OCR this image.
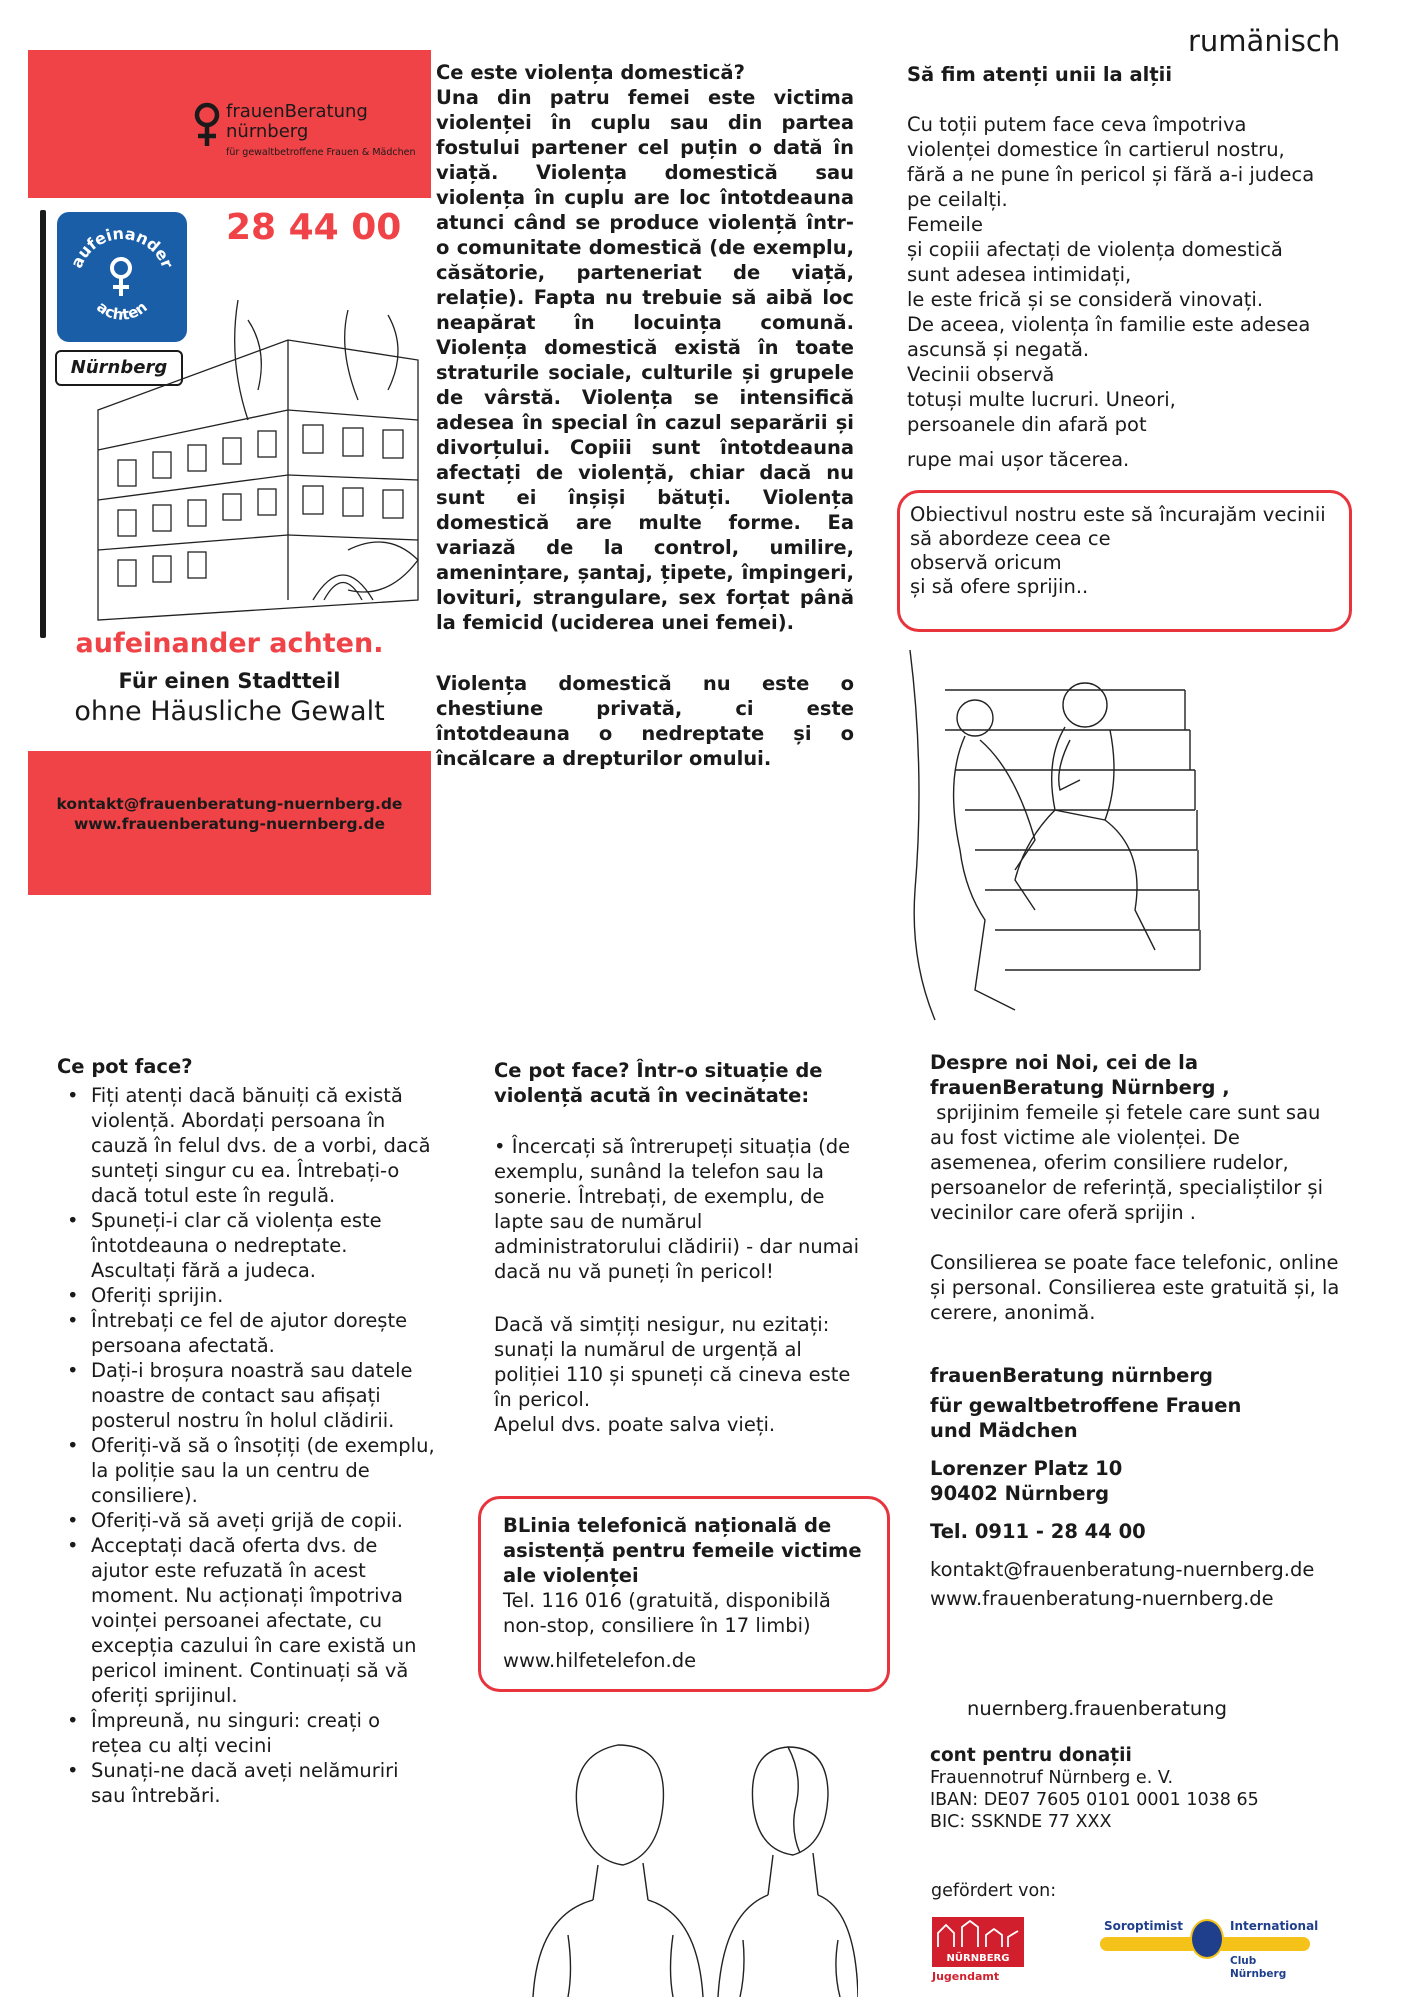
rumänisch
frauenBeratung
nürnberg
für gewaltbetroffene Frauen & Mädchen
aufeinander
achten
Nürnberg
28 44 00
aufeinander achten.
Für einen Stadtteil
ohne Häusliche Gewalt
kontakt@frauenberatung-nuernberg.de
www.frauenberatung-nuernberg.de
Ce este violența domestică?
Una din patru femei este victima violenței în cuplu sau din partea fostului partener cel puțin o dată în viață. Violența domestică sau violența în cuplu are loc întotdeauna atunci când se produce violență într-o comunitate domestică (de exemplu, căsătorie, parteneriat de viață, relație). Fapta nu trebuie să aibă loc neapărat în locuința comună. Violența domestică există în toate straturile sociale, culturile și grupele de vârstă. Violența se intensifică adesea în special în cazul separării și divorțului. Copiii sunt întotdeauna afectați de violență, chiar dacă nu sunt ei înșiși bătuți. Violența domestică are multe forme. Ea variază de la control, umilire, amenințare, șantaj, țipete, împingeri, lovituri, strangulare, sex forțat până la femicid (uciderea unei femei).
Violența domestică nu este o chestiune privată, ci este întotdeauna o nedreptate și o încălcare a drepturilor omului.
Să fim atenți unii la alții
Cu toții putem face ceva împotriva
violenței domestice în cartierul nostru,
fără a ne pune în pericol și fără a-i judeca
pe ceilalți.
Femeile
și copiii afectați de violența domestică
sunt adesea intimidați,
le este frică și se consideră vinovați.
De aceea, violența în familie este adesea
ascunsă și negată.
Vecinii observă
totuși multe lucruri. Uneori,
persoanele din afară pot
rupe mai ușor tăcerea.
Obiectivul nostru este să încurajăm vecinii
să abordeze ceea ce
observă oricum
și să ofere sprijin..
Ce pot face?
• Fiți atenți dacă bănuiți că există violență. Abordați persoana în cauză în felul dvs. de a vorbi, dacă sunteți singur cu ea. Întrebați-o dacă totul este în regulă.
• Spuneți-i clar că violența este întotdeauna o nedreptate. Ascultați fără a judeca.
• Oferiți sprijin.
• Întrebați ce fel de ajutor dorește persoana afectată.
• Dați-i broșura noastră sau datele noastre de contact sau afișați posterul nostru în holul clădirii.
• Oferiți-vă să o însoțiți (de exemplu, la poliție sau la un centru de consiliere).
• Oferiți-vă să aveți grijă de copii.
• Acceptați dacă oferta dvs. de ajutor este refuzată în acest moment. Nu acționați împotriva voinței persoanei afectate, cu excepția cazului în care există un pericol iminent. Continuați să vă oferiți sprijinul.
• Împreună, nu singuri: creați o rețea cu alți vecini
• Sunați-ne dacă aveți nelămuriri sau întrebări.
Ce pot face? Într-o situație de violență acută în vecinătate:
• Încercați să întrerupeți situația (de exemplu, sunând la telefon sau la sonerie. Întrebați, de exemplu, de lapte sau de numărul administratorului clădirii) - dar numai dacă nu vă puneți în pericol!
Dacă vă simțiți nesigur, nu ezitați: sunați la numărul de urgență al poliției 110 și spuneți că cineva este în pericol.
Apelul dvs. poate salva vieți.
BLinia telefonică națională de asistență pentru femeile victime ale violenței
Tel. 116 016 (gratuită, disponibilă non-stop, consiliere în 17 limbi)
www.hilfetelefon.de
Despre noi Noi, cei de la frauenBeratung Nürnberg ,
sprijinim femeile și fetele care sunt sau au fost victime ale violenței. De asemenea, oferim consiliere rudelor, persoanelor de referință, specialiștilor și vecinilor care oferă sprijin .
Consilierea se poate face telefonic, online și personal. Consilierea este gratuită și, la cerere, anonimă.
frauenBeratung nürnberg
für gewaltbetroffene Frauen und Mädchen
Lorenzer Platz 10
90402 Nürnberg
Tel. 0911 - 28 44 00
kontakt@frauenberatung-nuernberg.de
www.frauenberatung-nuernberg.de
nuernberg.frauenberatung
cont pentru donații
Frauennotruf Nürnberg e. V.
IBAN: DE07 7605 0101 0001 1038 65
BIC: SSKNDE 77 XXX
gefördert von:
NÜRNBERG
Jugendamt
Soroptimist	International
Club Nürnberg
